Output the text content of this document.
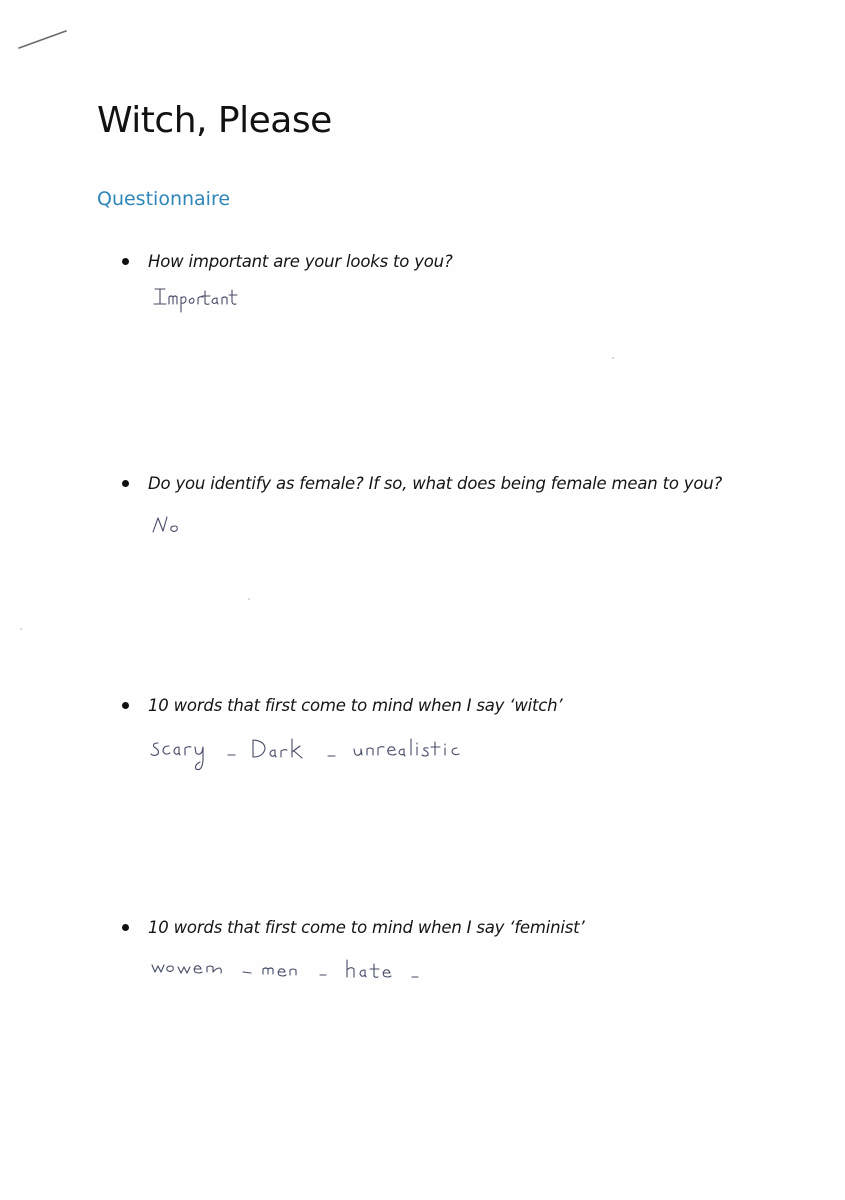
Witch, Please
Questionnaire
How important are your looks to you?
Do you identify as female? If so, what does being female mean to you?
10 words that first come to mind when I say ‘witch’
10 words that first come to mind when I say ‘feminist’
